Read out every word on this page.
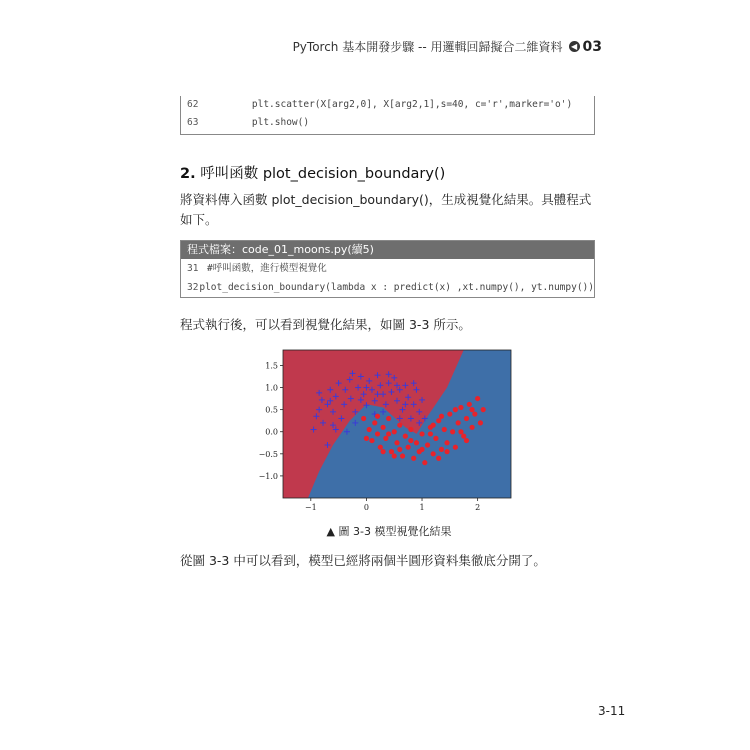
PyTorch 基本開發步驟 -- 用邏輯回歸擬合二維資料	◀ 03
62	plt.scatter(X[arg2,0], X[arg2,1],s=40, c='r',marker='o')
63	plt.show()
2. 呼叫函數 plot_decision_boundary()
將資料傳入函數 plot_decision_boundary()，生成視覺化結果。具體程式如下。
程式檔案：code_01_moons.py(續5)
31 #呼叫函數，進行模型視覺化
32 plot_decision_boundary(lambda x : predict(x) ,xt.numpy(), yt.numpy())
程式執行後，可以看到視覺化結果，如圖 3-3 所示。
1.5
1.0
0.5
0.0
−0.5
−1.0
−1	0	1	2
▲ 圖 3-3 模型視覺化結果
從圖 3-3 中可以看到，模型已經將兩個半圓形資料集徹底分開了。
3-11
